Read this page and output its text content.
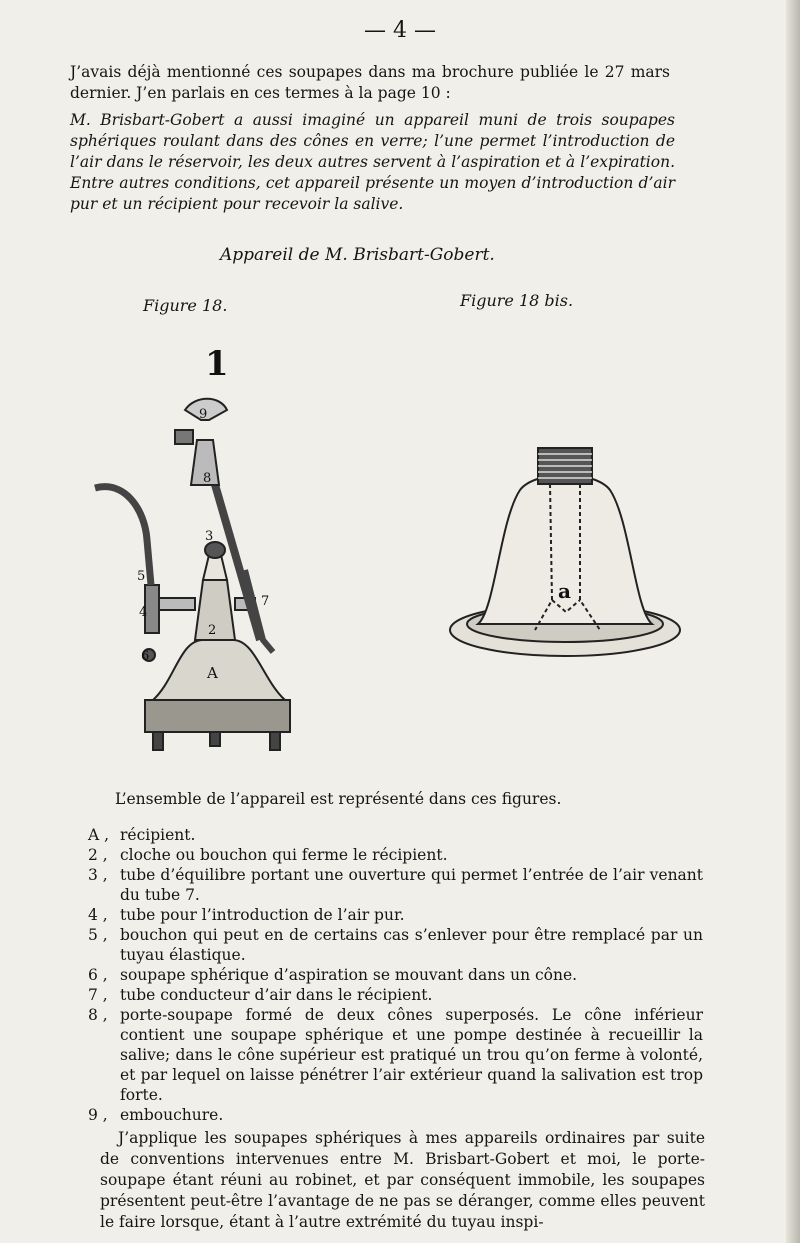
— 4 —
J’avais déjà mentionné ces soupapes dans ma brochure publiée le 27 mars dernier. J’en parlais en ces termes à la page 10 :
M. Brisbart-Gobert a aussi imaginé un appareil muni de trois soupapes sphériques roulant dans des cônes en verre; l’une permet l’introduction de l’air dans le réservoir, les deux autres servent à l’aspiration et à l’expiration. Entre autres conditions, cet appareil présente un moyen d’introduction d’air pur et un récipient pour recevoir la salive.
Appareil de M. Brisbart-Gobert.
Figure 18.	Figure 18 bis.
1
9
8
3
5
4
7
2
6
A
a
L’ensemble de l’appareil est représenté dans ces figures.
A , récipient.
2 , cloche ou bouchon qui ferme le récipient.
3 , tube d’équilibre portant une ouverture qui permet l’entrée de l’air venant du tube 7.
4 , tube pour l’introduction de l’air pur.
5 , bouchon qui peut en de certains cas s’enlever pour être remplacé par un tuyau élastique.
6 , soupape sphérique d’aspiration se mouvant dans un cône.
7 , tube conducteur d’air dans le récipient.
8 , porte-soupape formé de deux cônes superposés. Le cône inférieur contient une soupape sphérique et une pompe destinée à recueillir la salive; dans le cône supérieur est pratiqué un trou qu’on ferme à volonté, et par lequel on laisse pénétrer l’air extérieur quand la salivation est trop forte.
9 , embouchure.
J’applique les soupapes sphériques à mes appareils ordinaires par suite de conventions intervenues entre M. Brisbart-Gobert et moi, le porte-soupape étant réuni au robinet, et par conséquent immobile, les soupapes présentent peut-être l’avantage de ne pas se déranger, comme elles peuvent le faire lorsque, étant à l’autre extrémité du tuyau inspi-
